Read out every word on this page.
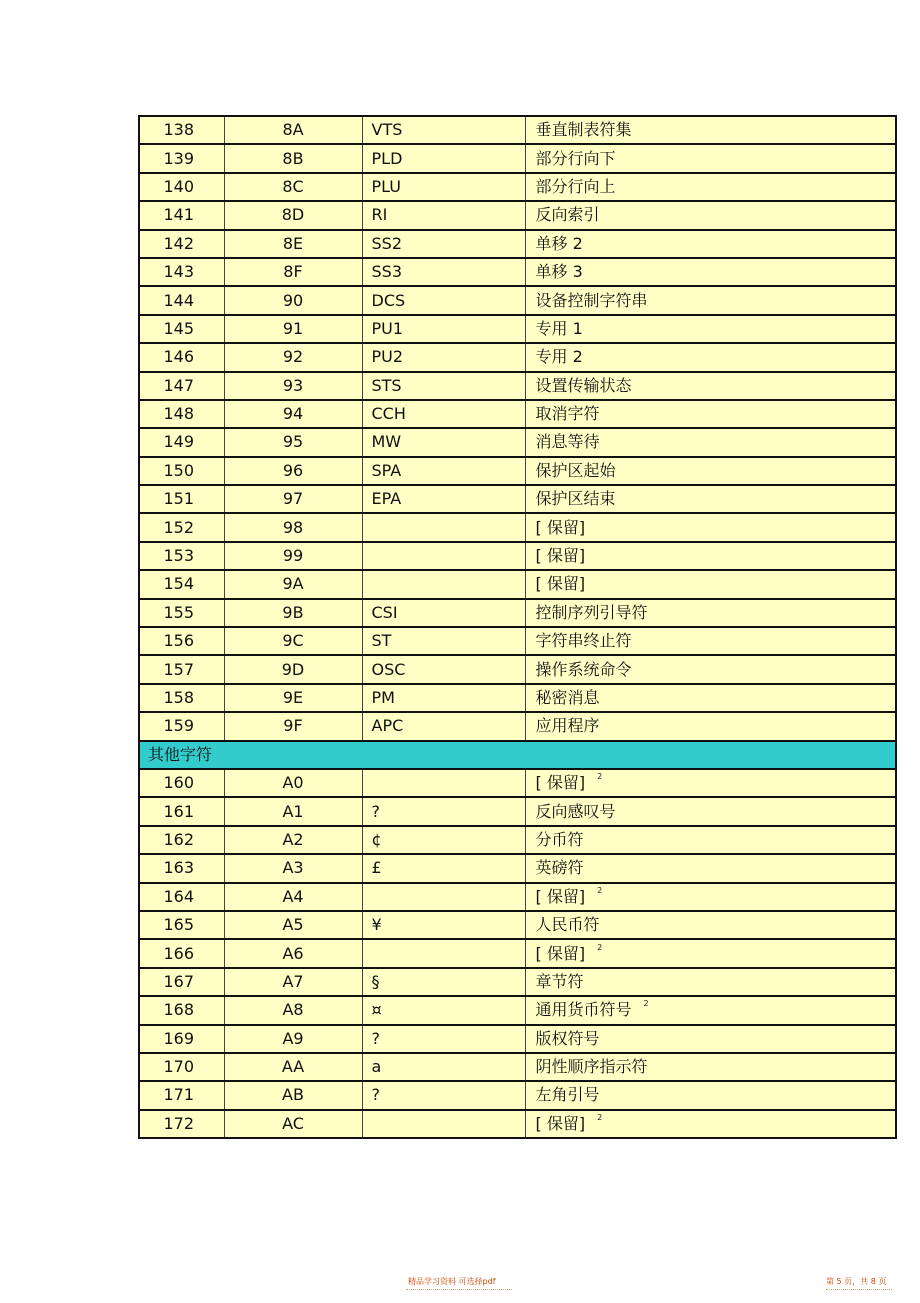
138	8A	VTS	垂直制表符集
139	8B	PLD	部分行向下
140	8C	PLU	部分行向上
141	8D	RI	反向索引
142	8E	SS2	单移 2
143	8F	SS3	单移 3
144	90	DCS	设备控制字符串
145	91	PU1	专用 1
146	92	PU2	专用 2
147	93	STS	设置传输状态
148	94	CCH	取消字符
149	95	MW	消息等待
150	96	SPA	保护区起始
151	97	EPA	保护区结束
152	98		[ 保留]
153	99		[ 保留]
154	9A		[ 保留]
155	9B	CSI	控制序列引导符
156	9C	ST	字符串终止符
157	9D	OSC	操作系统命令
158	9E	PM	秘密消息
159	9F	APC	应用程序
其他字符			
160	A0		[ 保留] $^2$
161	A1	?	反向感叹号
162	A2	¢	分币符
163	A3	£	英磅符
164	A4		[ 保留] $^2$
165	A5	¥	人民币符
166	A6		[ 保留] $^2$
167	A7	§	章节符
168	A8	¤	通用货币符号 $^2$
169	A9	?	版权符号
170	AA	a	阴性顺序指示符
171	AB	?	左角引号
172	AC		[ 保留] $^2$
精品学习资料 可选择pdf	第 5 页，共 8 页
